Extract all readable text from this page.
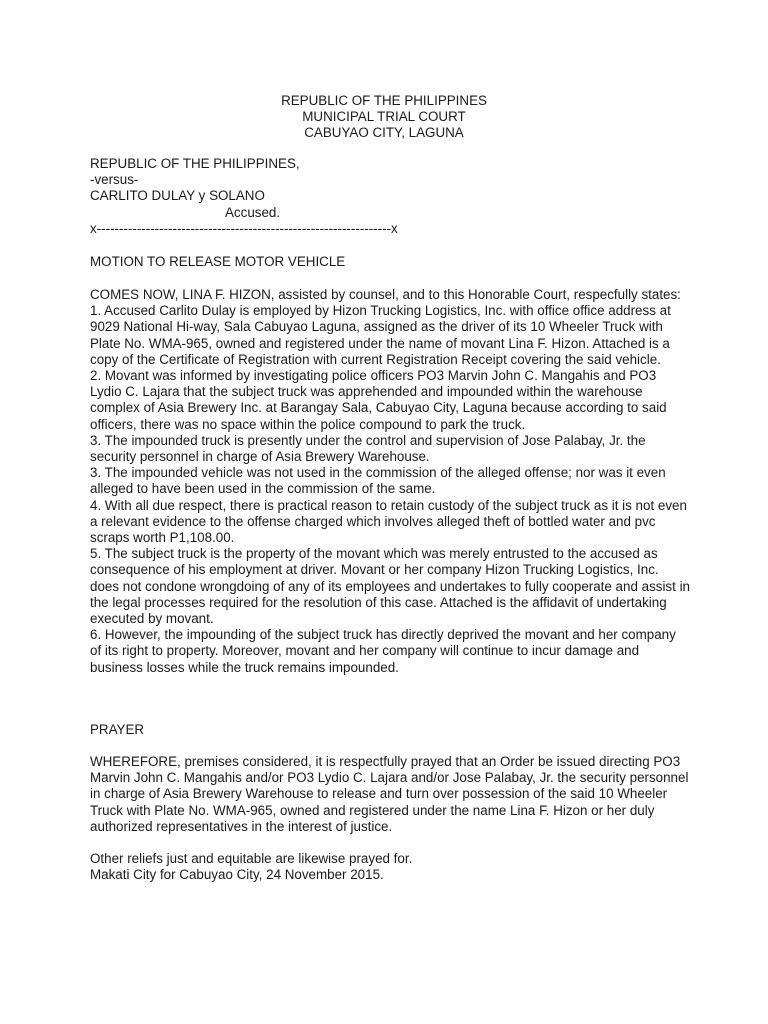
REPUBLIC OF THE PHILIPPINES
MUNICIPAL TRIAL COURT
CABUYAO CITY, LAGUNA
REPUBLIC OF THE PHILIPPINES,
-versus-
CARLITO DULAY y SOLANO
Accused.
x------------------------------------------------------------------x
MOTION TO RELEASE MOTOR VEHICLE

COMES NOW, LINA F. HIZON, assisted by counsel, and to this Honorable Court, respecfully states:

1. Accused Carlito Dulay is employed by Hizon Trucking Logistics, Inc. with office office address at 9029 National Hi-way, Sala Cabuyao Laguna, assigned as the driver of its 10 Wheeler Truck with Plate No. WMA-965, owned and registered under the name of movant Lina F. Hizon. Attached is a copy of the Certificate of Registration with current Registration Receipt covering the said vehicle.

2. Movant was informed by investigating police officers PO3 Marvin John C. Mangahis and PO3 Lydio C. Lajara that the subject truck was apprehended and impounded within the warehouse complex of Asia Brewery Inc. at Barangay Sala, Cabuyao City, Laguna because according to said officers, there was no space within the police compound to park the truck.

3. The impounded truck is presently under the control and supervision of Jose Palabay, Jr. the security personnel in charge of Asia Brewery Warehouse.

3. The impounded vehicle was not used in the commission of the alleged offense; nor was it even alleged to have been used in the commission of the same.

4. With all due respect, there is practical reason to retain custody of the subject truck as it is not even a relevant evidence to the offense charged which involves alleged theft of bottled water and pvc scraps worth P1,108.00.

5. The subject truck is the property of the movant which was merely entrusted to the accused as consequence of his employment at driver. Movant or her company Hizon Trucking Logistics, Inc. does not condone wrongdoing of any of its employees and undertakes to fully cooperate and assist in the legal processes required for the resolution of this case. Attached is the affidavit of undertaking executed by movant.

6. However, the impounding of the subject truck has directly deprived the movant and her company of its right to property. Moreover, movant and her company will continue to incur damage and business losses while the truck remains impounded.

PRAYER
WHEREFORE, premises considered, it is respectfully prayed that an Order be issued directing PO3 Marvin John C. Mangahis and/or PO3 Lydio C. Lajara and/or Jose Palabay, Jr. the security personnel in charge of Asia Brewery Warehouse to release and turn over possession of the said 10 Wheeler Truck with Plate No. WMA-965, owned and registered under the name Lina F. Hizon or her duly authorized representatives in the interest of justice.
Other reliefs just and equitable are likewise prayed for.
Makati City for Cabuyao City, 24 November 2015.
